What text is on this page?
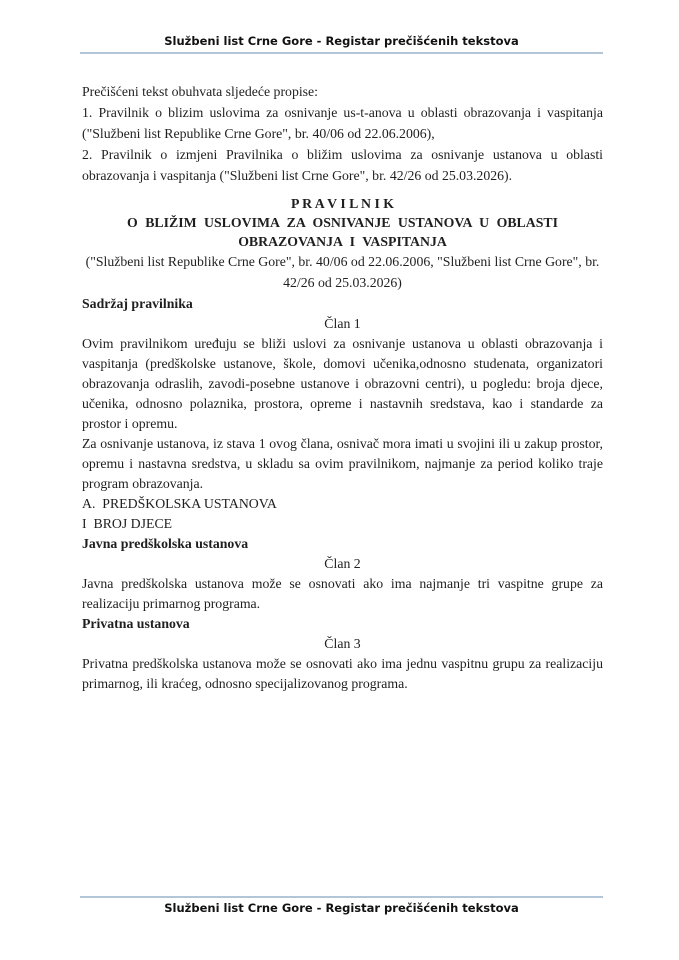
Službeni list Crne Gore - Registar prečišćenih tekstova

Prečišćeni tekst obuhvata sljedeće propise:

1. Pravilnik o blizim uslovima za osnivanje us-t-anova u oblasti obrazovanja i vaspitanja ("Službeni list Republike Crne Gore", br. 40/06 od 22.06.2006),

2. Pravilnik o izmjeni Pravilnika o bližim uslovima za osnivanje ustanova u oblasti obrazovanja i vaspitanja ("Službeni list Crne Gore", br. 42/26 od 25.03.2026).

P R A V I L N I K

O BLIŽIM USLOVIMA ZA OSNIVANJE USTANOVA U OBLASTI

OBRAZOVANJA I VASPITANJA

("Službeni list Republike Crne Gore", br. 40/06 od 22.06.2006, "Službeni list Crne Gore", br. 42/26 od 25.03.2026)

Sadržaj pravilnika

Član 1

Ovim pravilnikom uređuju se bliži uslovi za osnivanje ustanova u oblasti obrazovanja i vaspitanja (predškolske ustanove, škole, domovi učenika,odnosno studenata, organizatori obrazovanja odraslih, zavodi-posebne ustanove i obrazovni centri), u pogledu: broja djece, učenika, odnosno polaznika, prostora, opreme i nastavnih sredstava, kao i standarde za prostor i opremu.

Za osnivanje ustanova, iz stava 1 ovog člana, osnivač mora imati u svojini ili u zakup prostor, opremu i nastavna sredstva, u skladu sa ovim pravilnikom, najmanje za period koliko traje program obrazovanja.

A.  PREDŠKOLSKA USTANOVA

I  BROJ DJECE

Javna predškolska ustanova

Član 2

Javna predškolska ustanova može se osnovati ako ima najmanje tri vaspitne grupe za realizaciju primarnog programa.

Privatna ustanova

Član 3

Privatna predškolska ustanova može se osnovati ako ima jednu vaspitnu grupu za realizaciju primarnog, ili kraćeg, odnosno specijalizovanog programa.

Službeni list Crne Gore - Registar prečišćenih tekstova
